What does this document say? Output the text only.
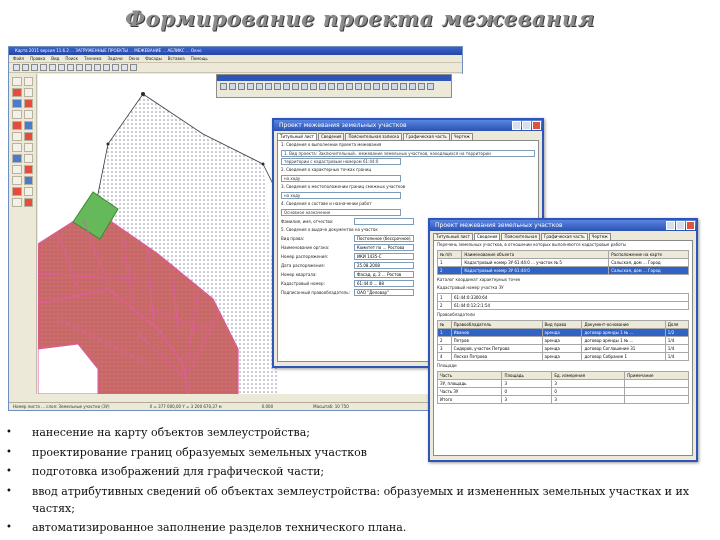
Формирование проекта межевания
Карта 2011 версия 11.6.2 ... ЗАГРУЖЕННЫЕ ПРОЕКТЫ ... МЕЖЕВАНИЕ ... АБЛИКС ... Окно
Файл Правка Вид Поиск Техника Задачи Окно Фасады Вставка Помощь
Номер листа ... слоя: Земельные участки (ЗУ)	X = 377 000,00 Y = 3 200 670,37 м	0.000	Масштаб: 10 750
Проект межевания земельных участков
Титульный лист	Сведения	Пояснительная записка	Графическая часть	Чертеж
1. Сведения о выполнении проекта межевания
1. Вид проекта: Заключительный.. межевание земельных участков, находящихся на территории
территории с кадастровым номером 61:44:0
2. Сведения о характерных точках границ
на ходу
3. Сведения о местоположении границ смежных участков
на ходу
4. Сведения о составе и назначении работ
Основное назначение
Фамилия, имя, отчество:
5. Сведения о выдаче документов на участок
Вид права:	Постоянное (бессрочное)
Наименование органа:	Комитет по ... Ростова
Номер распоряжения:	ИКИ 1435-С
Дата распоряжения:	25.08.2008
Номер квартала:	Фасад, д. 2 ... Ростов
Кадастровый номер:	61:44:0 ... 88
Подписанный правообладатель:	ОАО "Деловар"
Проект межевания земельных участков
Титульный лист	Сведения	Пояснительная	Графическая часть	Чертеж
Перечень земельных участков, в отношении которых выполняются кадастровые работы
№ п/п	Наименование объекта	Расположение на карте
1	Кадастровый номер ЗУ 61:44:0 ... участок № 5	Сальская, дом ... Город
2	Кадастровый номер ЗУ 61:44:0	Сальская, дом ... Город
Каталог координат характерных точек
Кадастровый номер участка ЗУ
1	61:44:0:3300:64
2	61:44:0:12:2:1:54
Правообладатели
№	Правообладатель	Вид права	Документ-основание	Доля
1	Иванов	аренда	договор аренды 1 № ...	1/2
2	Петров	аренда	договор аренды 1 № ...	1/4
3	Сидоров, участок Петрова	аренда	договор Соглашение 31	1/4
4	Лесхоз Петрова	аренда	договор Собрание 1	1/4
Площади
Часть	Площадь	Ед. измерения	Примечание
ЗУ, площадь	3	3	
Часть ЗУ	0	0	
Итого	3	3	
• нанесение на карту объектов землеустройства;
• проектирование границ образуемых земельных участков
• подготовка изображений для графической части;
• ввод атрибутивных сведений об объектах землеустройства: образуемых и измененных земельных участках и их частях;
• автоматизированное заполнение разделов технического плана.
